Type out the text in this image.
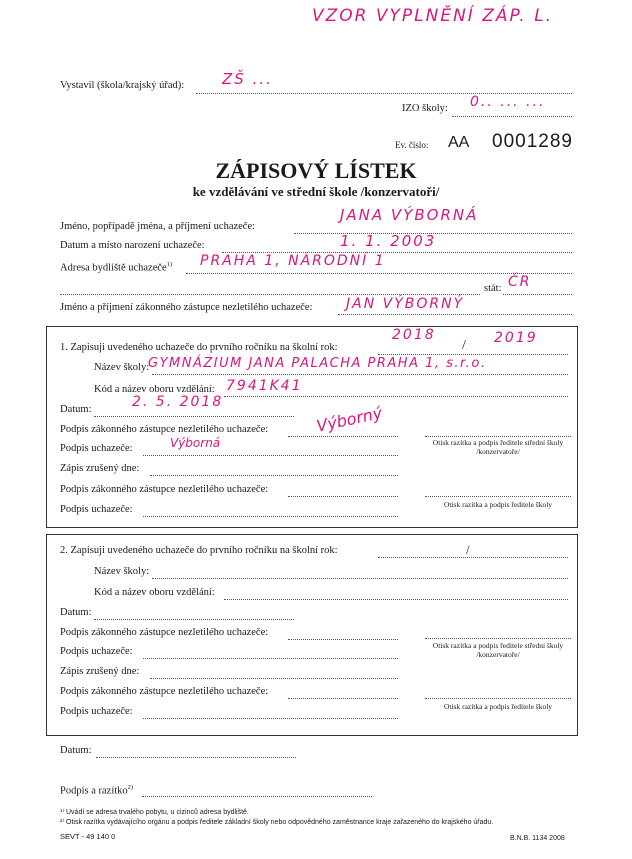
VZOR VYPLNĚNÍ ZÁP. L.
Vystavil (škola/krajský úřad):	ZŠ ...
IZO školy: 0.. ... ...
Ev. číslo: AA 0001289
ZÁPISOVÝ LÍSTEK
ke vzdělávání ve střední škole /konzervatoři/
Jméno, popřípadě jména, a příjmení uchazeče:
JANA VÝBORNÁ
Datum a místo narození uchazeče:	1. 1. 2003
Adresa bydliště uchazeče$^{1)}$ PRAHA 1, NÁRODNÍ 1
stát: ČR
Jméno a příjmení zákonného zástupce nezletilého uchazeče: JAN VÝBORNÝ
1. Zapisuji uvedeného uchazeče do prvního ročníku na školní rok:
2018
/ 2019
Název školy:
GYMNÁZIUM JANA PALACHA PRAHA 1, s.r.o.
Kód a název oboru vzdělání: 7941K41
Datum:	2. 5. 2018
Podpis zákonného zástupce nezletilého uchazeče:	Výborný
Podpis uchazeče:	Výborná	Otisk razítka a podpis ředitele střední školy /konzervatoře/
Zápis zrušený dne:
Podpis zákonného zástupce nezletilého uchazeče:
Podpis uchazeče:	Otisk razítka a podpis ředitele školy
2. Zapisuji uvedeného uchazeče do prvního ročníku na školní rok:	/
Název školy:
Kód a název oboru vzdělání:
Datum:
Podpis zákonného zástupce nezletilého uchazeče:
Podpis uchazeče:
Otisk razítka a podpis ředitele střední školy /konzervatoře/
Zápis zrušený dne:
Podpis zákonného zástupce nezletilého uchazeče:
Podpis uchazeče:	Otisk razítka a podpis ředitele školy
Datum:
Podpis a razítko$^{2)}$
¹⁾ Uvádí se adresa trvalého pobytu, u cizinců adresa bydliště.
²⁾ Otisk razítka vydávajícího orgánu a podpis ředitele základní školy nebo odpovědného zaměstnance kraje zařazeného do krajského úřadu.
SEVT - 49 140 0	B.N.B. 1134 2008
